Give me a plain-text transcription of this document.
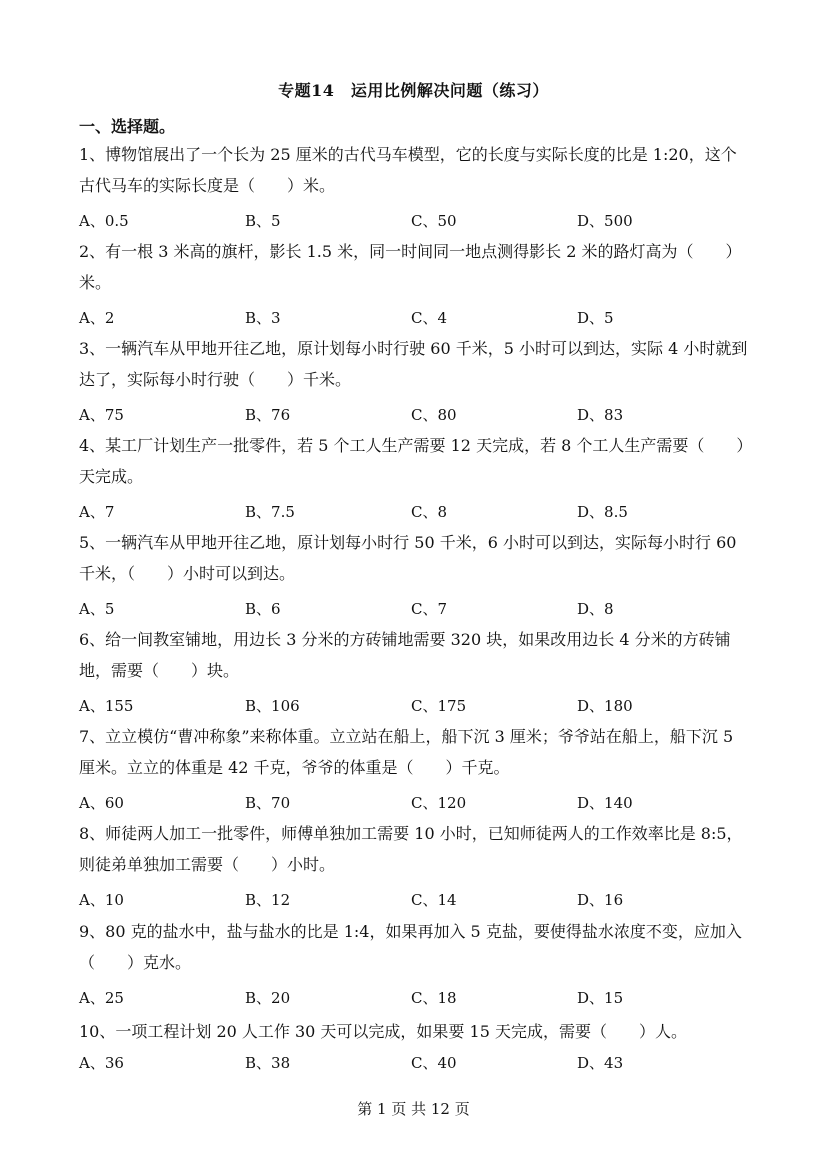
专题14　运用比例解决问题（练习）
一、选择题。
1、博物馆展出了一个长为 25 厘米的古代马车模型，它的长度与实际长度的比是 1:20，这个古代马车的实际长度是（　　）米。
A、0.5	B、5	C、50	D、500
2、有一根 3 米高的旗杆，影长 1.5 米，同一时间同一地点测得影长 2 米的路灯高为（　　）米。
A、2	B、3	C、4	D、5
3、一辆汽车从甲地开往乙地，原计划每小时行驶 60 千米，5 小时可以到达，实际 4 小时就到达了，实际每小时行驶（　　）千米。
A、75	B、76	C、80	D、83
4、某工厂计划生产一批零件，若 5 个工人生产需要 12 天完成，若 8 个工人生产需要（　　）天完成。
A、7	B、7.5	C、8	D、8.5
5、一辆汽车从甲地开往乙地，原计划每小时行 50 千米，6 小时可以到达，实际每小时行 60 千米，（　　）小时可以到达。
A、5	B、6	C、7	D、8
6、给一间教室铺地，用边长 3 分米的方砖铺地需要 320 块，如果改用边长 4 分米的方砖铺地，需要（　　）块。
A、155	B、106	C、175	D、180
7、立立模仿“曹冲称象”来称体重。立立站在船上，船下沉 3 厘米；爷爷站在船上，船下沉 5 厘米。立立的体重是 42 千克，爷爷的体重是（　　）千克。
A、60	B、70	C、120	D、140
8、师徒两人加工一批零件，师傅单独加工需要 10 小时，已知师徒两人的工作效率比是 8:5，则徒弟单独加工需要（　　）小时。
A、10	B、12	C、14	D、16
9、80 克的盐水中，盐与盐水的比是 1:4，如果再加入 5 克盐，要使得盐水浓度不变，应加入（　　）克水。
A、25	B、20	C、18	D、15
10、一项工程计划 20 人工作 30 天可以完成，如果要 15 天完成，需要（　　）人。
A、36	B、38	C、40	D、43
第 1 页 共 12 页
